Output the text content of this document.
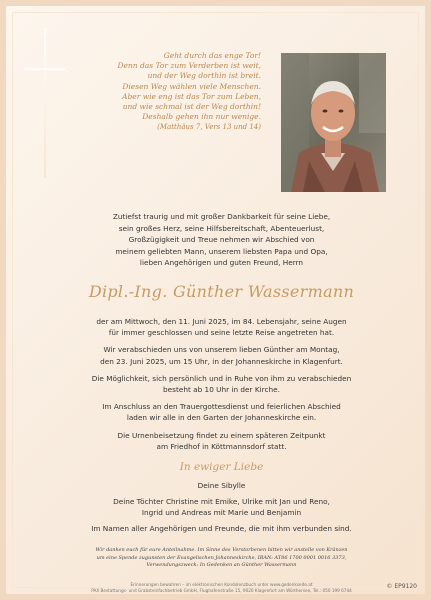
Geht durch das enge Tor!
Denn das Tor zum Verderben ist weit,
und der Weg dorthin ist breit.
Diesen Weg wählen viele Menschen.
Aber wie eng ist das Tor zum Leben,
und wie schmal ist der Weg dorthin!
Deshalb gehen ihn nur wenige.
(Matthäus 7, Vers 13 und 14)
Zutiefst traurig und mit großer Dankbarkeit für seine Liebe,
sein großes Herz, seine Hilfsbereitschaft, Abenteuerlust,
Großzügigkeit und Treue nehmen wir Abschied von
meinem geliebten Mann, unserem liebsten Papa und Opa,
lieben Angehörigen und guten Freund, Herrn
Dipl.-Ing. Günther Wassermann
der am Mittwoch, den 11. Juni 2025, im 84. Lebensjahr, seine Augen
für immer geschlossen und seine letzte Reise angetreten hat.
Wir verabschieden uns von unserem lieben Günther am Montag,
den 23. Juni 2025, um 15 Uhr, in der Johanneskirche in Klagenfurt.
Die Möglichkeit, sich persönlich und in Ruhe von ihm zu verabschieden
besteht ab 10 Uhr in der Kirche.
Im Anschluss an den Trauergottesdienst und feierlichen Abschied
laden wir alle in den Garten der Johanneskirche ein.
Die Urnenbeisetzung findet zu einem späteren Zeitpunkt
am Friedhof in Köttmannsdorf statt.
In ewiger Liebe
Deine Sibylle
Deine Töchter Christine mit Emike, Ulrike mit Jan und Reno,
Ingrid und Andreas mit Marie und Benjamin
Im Namen aller Angehörigen und Freunde, die mit ihm verbunden sind.
Wir danken euch für eure Anteilnahme. Im Sinne des Verstorbenen bitten wir anstelle von Kränzen
um eine Spende zugunsten der Evangelischen Johanneskirche, IBAN: AT86 1700 0001 0016 3373,
Verwendungszweck: In Gedenken an Günther Wassermann
Erinnerungen bewahren – im elektronischen Kondolenzbuch unter www.gedenkseite.at
PAX Bestattungs- und Grabsteinfachbetrieb GmbH, Flughafenstraße 15, 9020 Klagenfurt am Wörthersee, Tel.: 050 199 6744
© EP9120
